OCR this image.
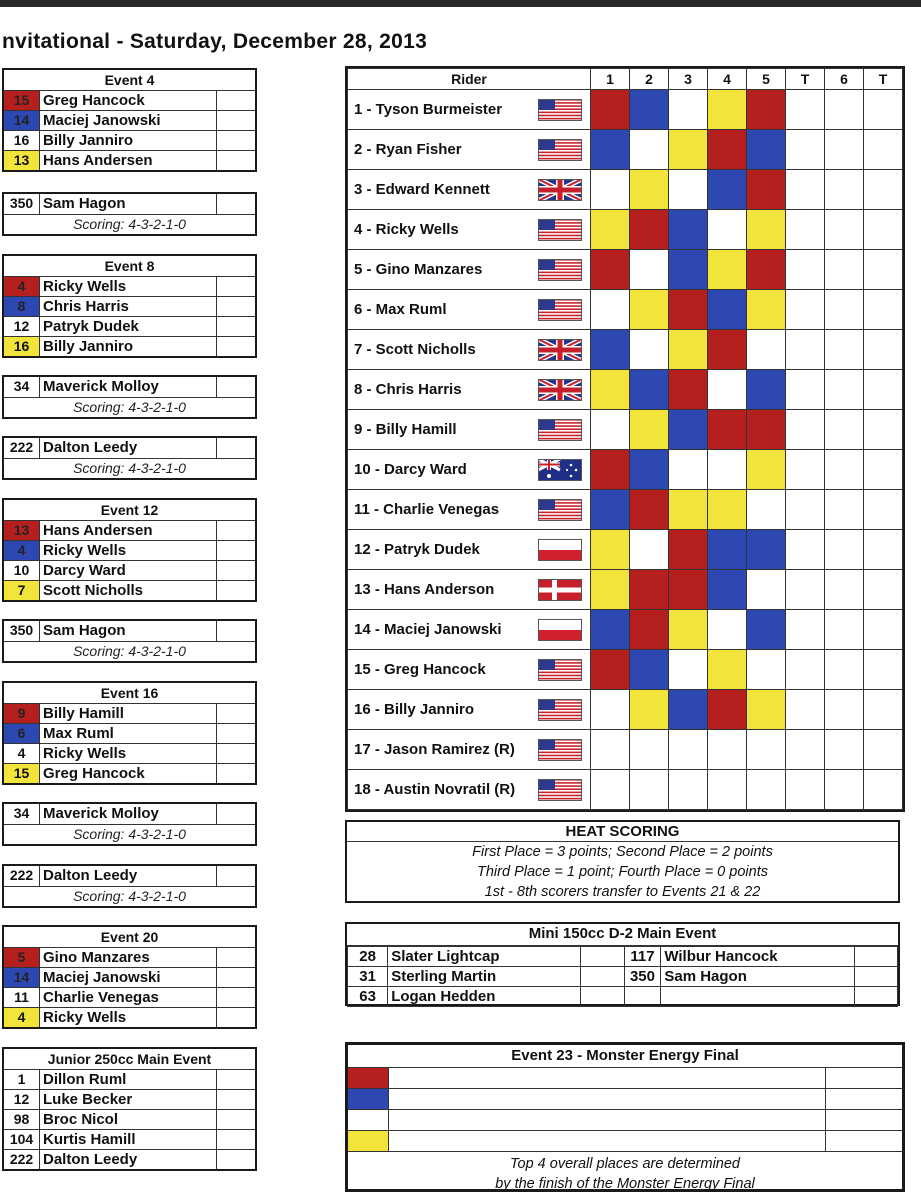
nvitational - Saturday, December 28, 2013
Event 4
15 Greg Hancock
14 Maciej Janowski
16 Billy Janniro
13 Hans Andersen
350 Sam Hagon
Scoring: 4-3-2-1-0
Event 8
4	Ricky Wells
8	Chris Harris
12 Patryk Dudek
16 Billy Janniro
34 Maverick Molloy
Scoring: 4-3-2-1-0
222 Dalton Leedy
Scoring: 4-3-2-1-0
Event 12
13 Hans Andersen
4	Ricky Wells
10 Darcy Ward
7	Scott Nicholls
350 Sam Hagon
Scoring: 4-3-2-1-0
Event 16
9	Billy Hamill
6	Max Ruml
4	Ricky Wells
15 Greg Hancock
34 Maverick Molloy
Scoring: 4-3-2-1-0
222 Dalton Leedy
Scoring: 4-3-2-1-0
Event 20
5	Gino Manzares
14 Maciej Janowski
11 Charlie Venegas
4	Ricky Wells
Junior 250cc Main Event
1	Dillon Ruml
12 Luke Becker
98 Broc Nicol
104 Kurtis Hamill
222 Dalton Leedy
Rider	1	2	3	4	5	T	6	T
1 - Tyson Burmeister

2 - Ryan Fisher

3 - Edward Kennett

4 - Ricky Wells

5 - Gino Manzares

6 - Max Ruml

7 - Scott Nicholls

8 - Chris Harris

9 - Billy Hamill

10 - Darcy Ward

11 - Charlie Venegas

12 - Patryk Dudek

13 - Hans Anderson

14 - Maciej Janowski

15 - Greg Hancock

16 - Billy Janniro

17 - Jason Ramirez (R)

18 - Austin Novratil (R)

HEAT SCORING
First Place = 3 points; Second Place = 2 points
Third Place = 1 point; Fourth Place = 0 points
1st - 8th scorers transfer to Events 21 & 22
Mini 150cc D-2 Main Event
28	Slater Lightcap		117	Wilbur Hancock	
31	Sterling Martin		350	Sam Hagon	
63	Logan Hedden				
Event 23 - Monster Energy Final
Top 4 overall places are determined
by the finish of the Monster Energy Final
